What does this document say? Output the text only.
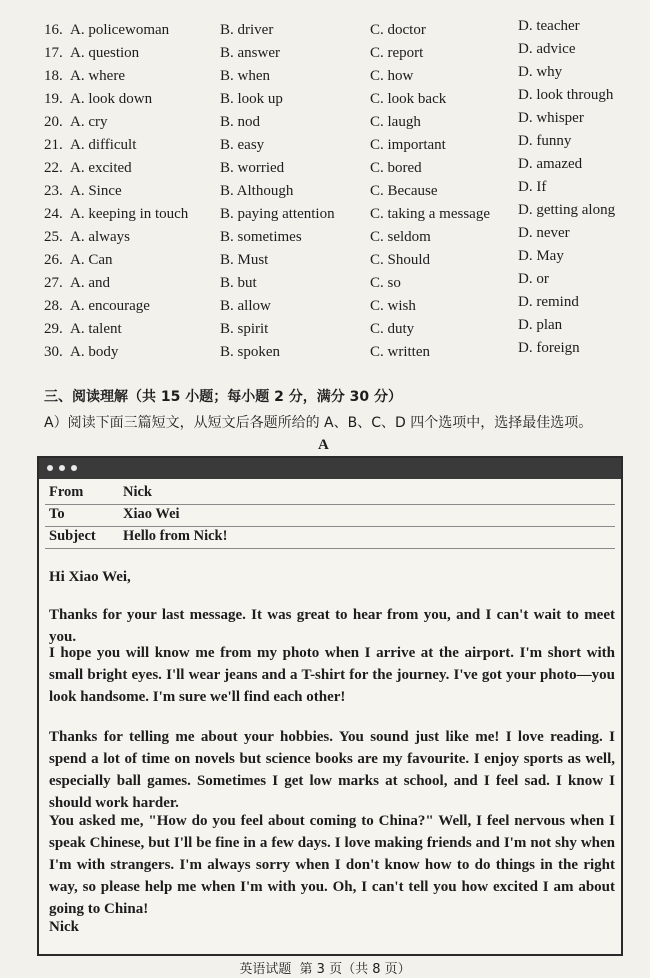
16. A. policewoman	B. driver	C. doctor	D. teacher
17. A. question	B. answer	C. report	D. advice
18. A. where	B. when	C. how	D. why
19. A. look down	B. look up	C. look back	D. look through
20. A. cry	B. nod	C. laugh	D. whisper
21. A. difficult	B. easy	C. important	D. funny
22. A. excited	B. worried	C. bored	D. amazed
23. A. Since	B. Although	C. Because	D. If
24. A. keeping in touch B. paying attention C. taking a message D. getting along
25. A. always	B. sometimes	C. seldom	D. never
26. A. Can	B. Must	C. Should	D. May
27. A. and	B. but	C. so	D. or
28. A. encourage	B. allow	C. wish	D. remind
29. A. talent	B. spirit	C. duty	D. plan
30. A. body	B. spoken	C. written	D. foreign
三、阅读理解（共 15 小题；每小题 2 分，满分 30 分）
A）阅读下面三篇短文，从短文后各题所给的 A、B、C、D 四个选项中，选择最佳选项。
A
From	Nick
To	Xiao Wei
Subject Hello from Nick!
Hi Xiao Wei,
Thanks for your last message. It was great to hear from you, and I can't wait to meet you.
I hope you will know me from my photo when I arrive at the airport. I'm short with small bright eyes. I'll wear jeans and a T-shirt for the journey. I've got your photo—you look handsome. I'm sure we'll find each other!
Thanks for telling me about your hobbies. You sound just like me! I love reading. I spend a lot of time on novels but science books are my favourite. I enjoy sports as well, especially ball games. Sometimes I get low marks at school, and I feel sad. I know I should work harder.
You asked me, "How do you feel about coming to China?" Well, I feel nervous when I speak Chinese, but I'll be fine in a few days. I love making friends and I'm not shy when I'm with strangers. I'm always sorry when I don't know how to do things in the right way, so please help me when I'm with you. Oh, I can't tell you how excited I am about going to China!
Nick
英语试题 第 3 页（共 8 页）
